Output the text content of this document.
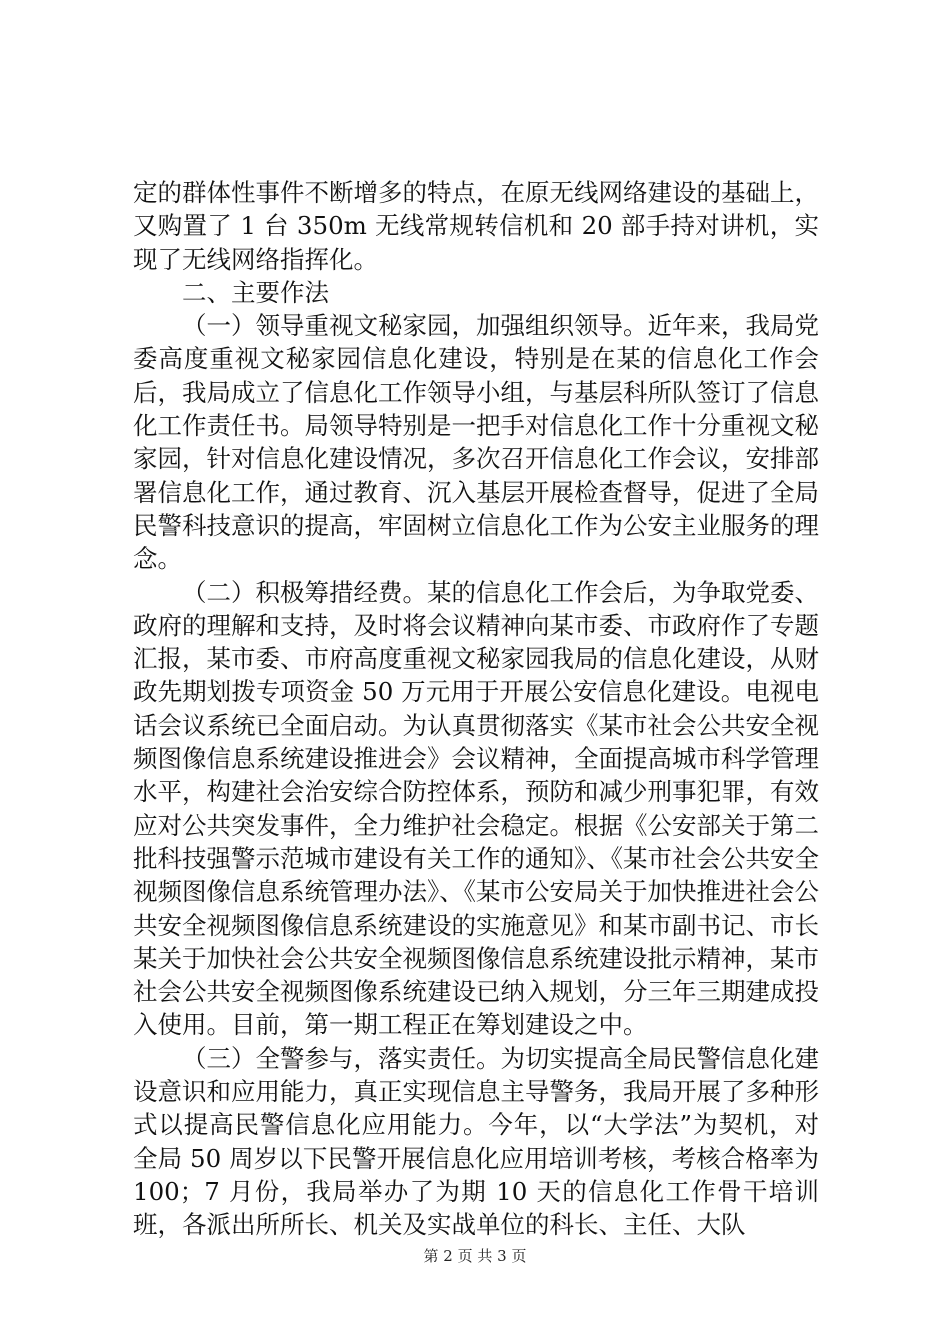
定的群体性事件不断增多的特点，在原无线网络建设的基础上，又购置了 1 台 350m 无线常规转信机和 20 部手持对讲机，实现了无线网络指挥化。

二、主要作法

（一）领导重视文秘家园，加强组织领导。近年来，我局党委高度重视文秘家园信息化建设，特别是在某的信息化工作会后，我局成立了信息化工作领导小组，与基层科所队签订了信息化工作责任书。局领导特别是一把手对信息化工作十分重视文秘家园，针对信息化建设情况，多次召开信息化工作会议，安排部署信息化工作，通过教育、沉入基层开展检查督导，促进了全局民警科技意识的提高，牢固树立信息化工作为公安主业服务的理念。

（二）积极筹措经费。某的信息化工作会后，为争取党委、政府的理解和支持，及时将会议精神向某市委、市政府作了专题汇报，某市委、市府高度重视文秘家园我局的信息化建设，从财政先期划拨专项资金 50 万元用于开展公安信息化建设。电视电话会议系统已全面启动。为认真贯彻落实《某市社会公共安全视频图像信息系统建设推进会》会议精神，全面提高城市科学管理水平，构建社会治安综合防控体系，预防和减少刑事犯罪，有效应对公共突发事件，全力维护社会稳定。根据《公安部关于第二批科技强警示范城市建设有关工作的通知》、《某市社会公共安全视频图像信息系统管理办法》、《某市公安局关于加快推进社会公共安全视频图像信息系统建设的实施意见》和某市副书记、市长某关于加快社会公共安全视频图像信息系统建设批示精神，某市社会公共安全视频图像系统建设已纳入规划，分三年三期建成投入使用。目前，第一期工程正在筹划建设之中。

（三）全警参与，落实责任。为切实提高全局民警信息化建设意识和应用能力，真正实现信息主导警务，我局开展了多种形式以提高民警信息化应用能力。今年，以“大学法”为契机，对全局 50 周岁以下民警开展信息化应用培训考核，考核合格率为 100；7 月份，我局举办了为期 10 天的信息化工作骨干培训班，各派出所所长、机关及实战单位的科长、主任、大队

第 2 页 共 3 页
